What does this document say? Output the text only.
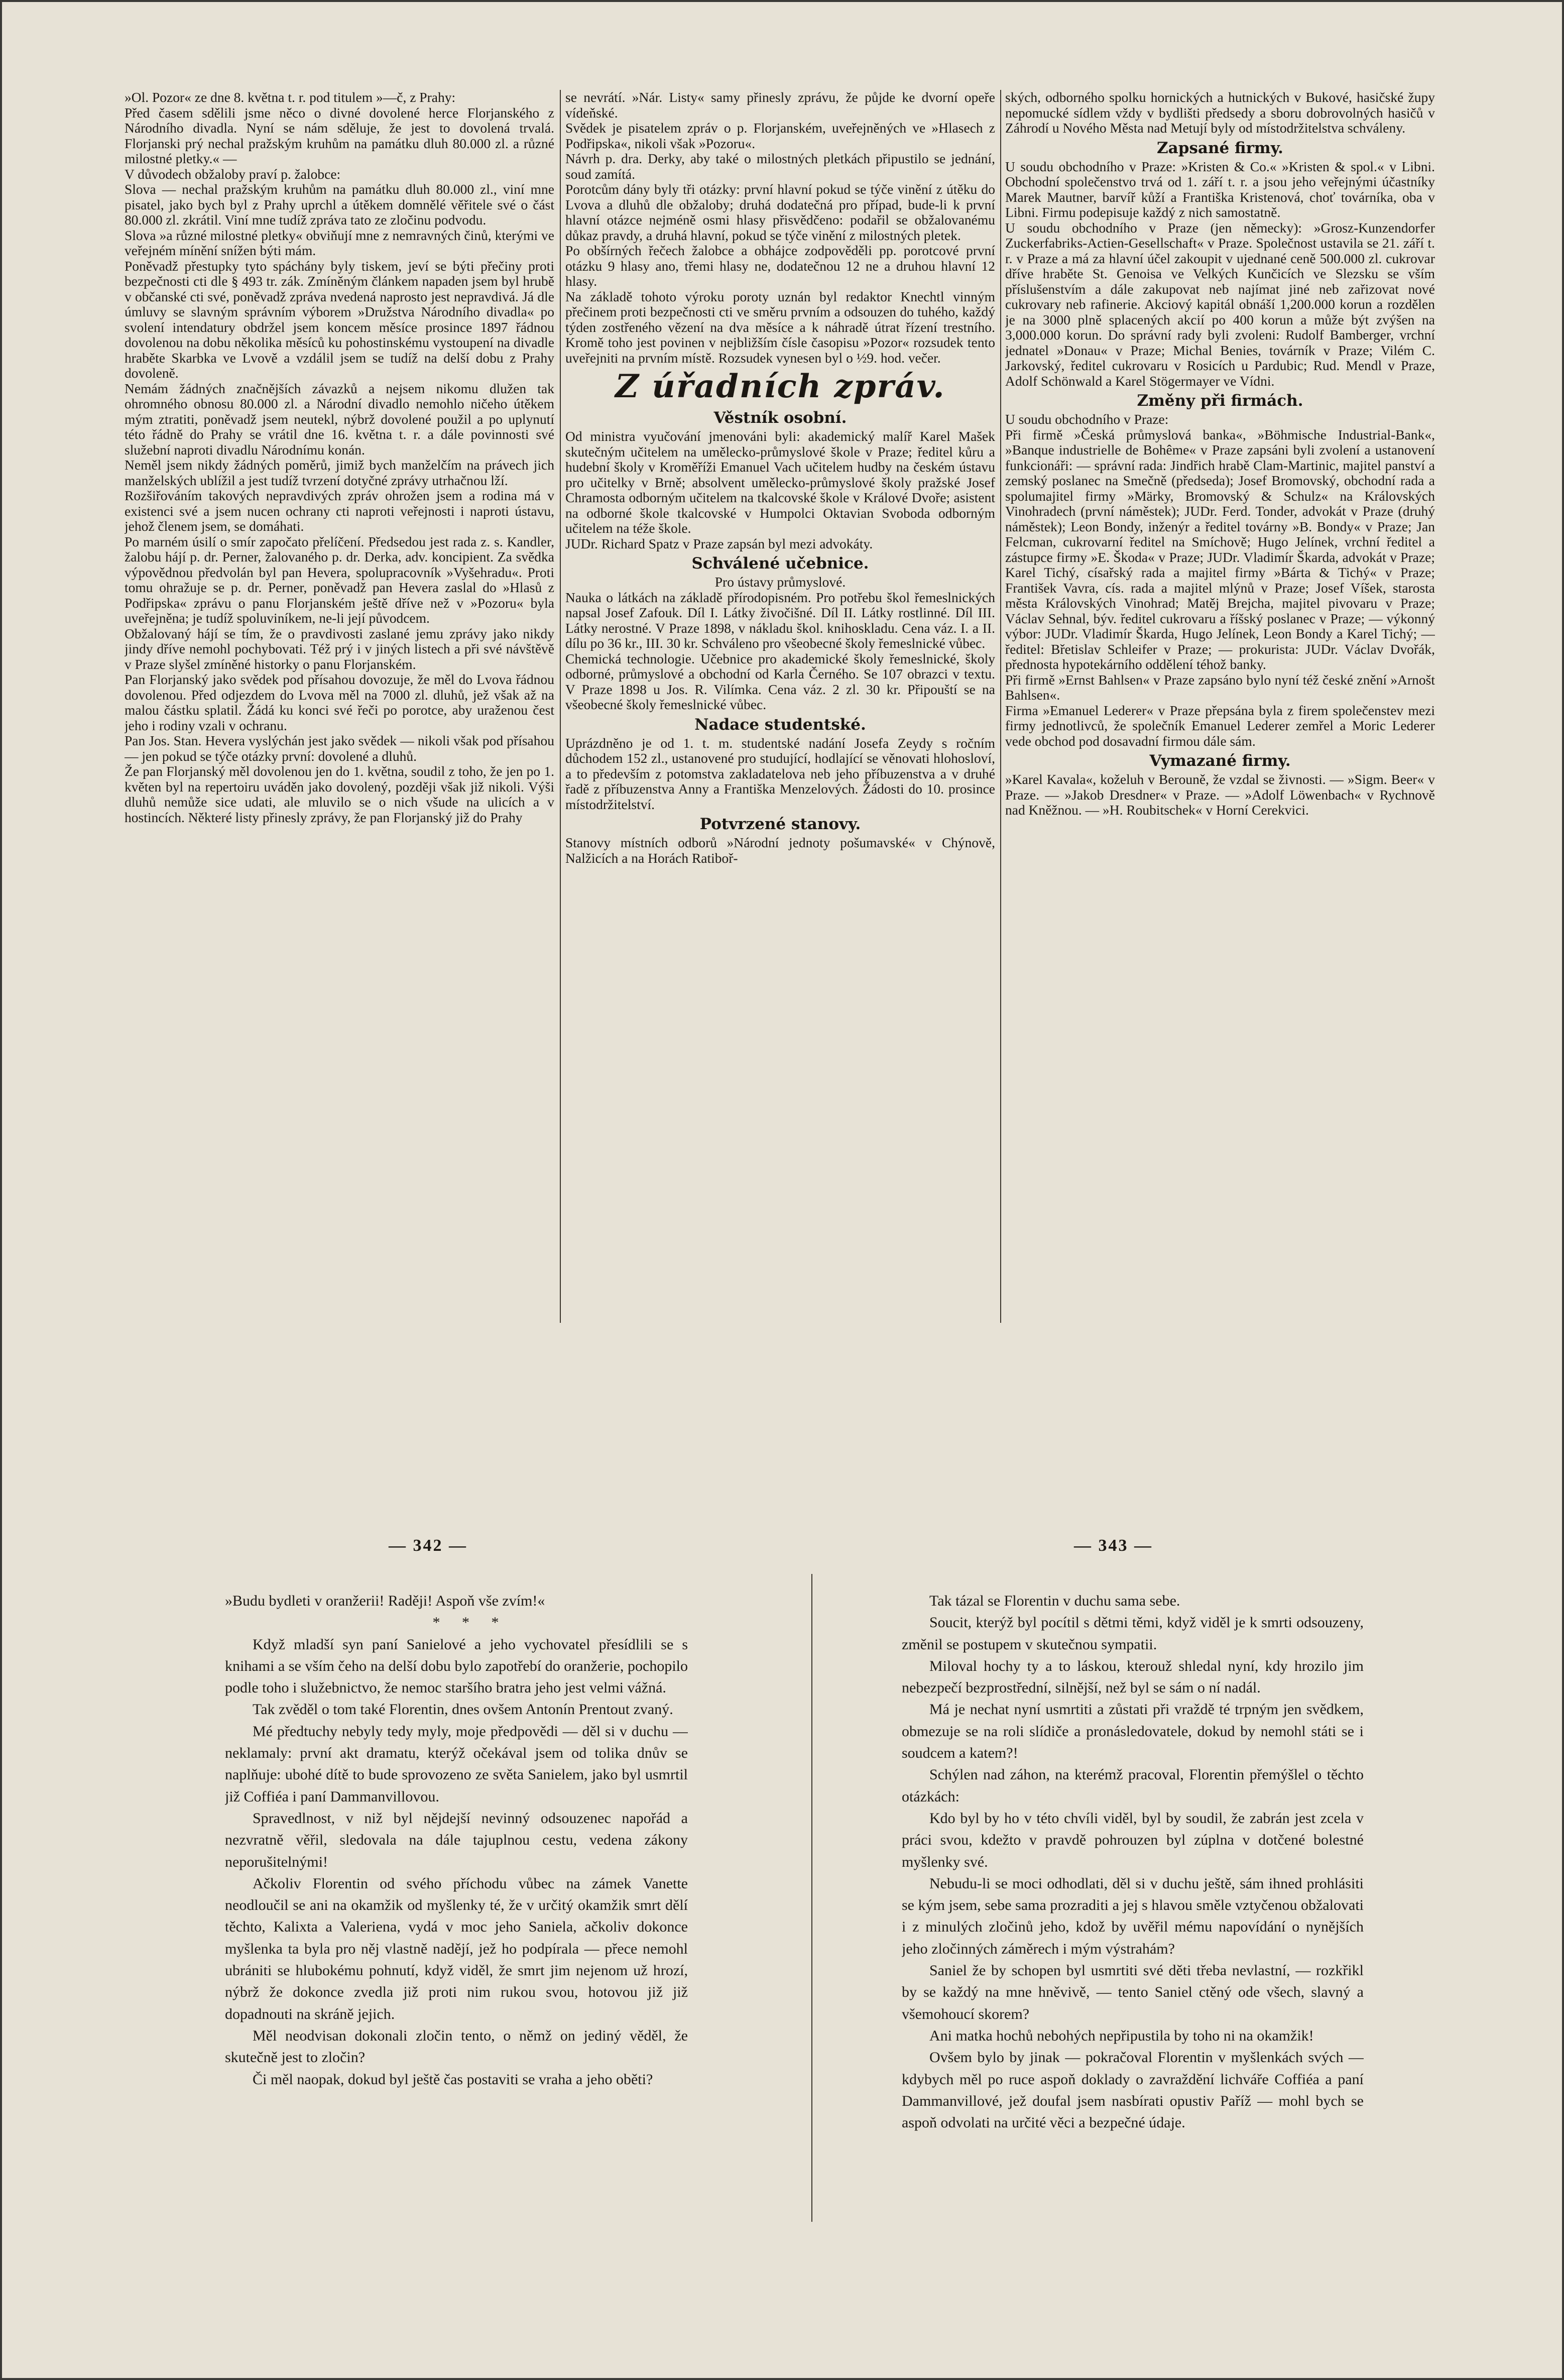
»Ol. Pozor« ze dne 8. května t. r. pod titulem »—č, z Prahy:

Před časem sdělili jsme něco o divné dovolené herce Florjanského z Národního divadla. Nyní se nám sděluje, že jest to dovolená trvalá. Florjanski prý nechal pražským kruhům na památku dluh 80.000 zl. a různé milostné pletky.« —

V důvodech obžaloby praví p. žalobce:

Slova — nechal pražským kruhům na památku dluh 80.000 zl., viní mne pisatel, jako bych byl z Prahy uprchl a útěkem domnělé věřitele své o část 80.000 zl. zkrátil. Viní mne tudíž zpráva tato ze zločinu podvodu.

Slova »a různé milostné pletky« obviňují mne z nemravných činů, kterými ve veřejném mínění snížen býti mám.

Poněvadž přestupky tyto spáchány byly tiskem, jeví se býti přečiny proti bezpečnosti cti dle § 493 tr. zák. Zmíněným článkem napaden jsem byl hrubě v občanské cti své, poněvadž zpráva nvedená naprosto jest nepravdivá. Já dle úmluvy se slavným správním výborem »Družstva Národního divadla« po svolení intendatury obdržel jsem koncem měsíce prosince 1897 řádnou dovolenou na dobu několika měsíců ku pohostinskému vystoupení na divadle hraběte Skarbka ve Lvově a vzdálil jsem se tudíž na delší dobu z Prahy dovoleně.

Nemám žádných značnějších závazků a nejsem nikomu dlužen tak ohromného obnosu 80.000 zl. a Národní divadlo nemohlo ničeho útěkem mým ztratiti, poněvadž jsem neutekl, nýbrž dovolené použil a po uplynutí této řádně do Prahy se vrátil dne 16. května t. r. a dále povinnosti své služební naproti divadlu Národnímu konán.

Neměl jsem nikdy žádných poměrů, jimiž bych manželčím na právech jich manželských ublížil a jest tudíž tvrzení dotyčné zprávy utrhačnou lží.

Rozšiřováním takových nepravdivých zpráv ohrožen jsem a rodina má v existenci své a jsem nucen ochrany cti naproti veřejnosti i naproti ústavu, jehož členem jsem, se domáhati.

Po marném úsilí o smír započato přelíčení. Předsedou jest rada z. s. Kandler, žalobu hájí p. dr. Perner, žalovaného p. dr. Derka, adv. koncipient. Za svědka výpovědnou předvolán byl pan Hevera, spolupracovník »Vyšehradu«. Proti tomu ohražuje se p. dr. Perner, poněvadž pan Hevera zaslal do »Hlasů z Podřipska« zprávu o panu Florjanském ještě dříve než v »Pozoru« byla uveřejněna; je tudíž spoluviníkem, ne-li její původcem.

Obžalovaný hájí se tím, že o pravdivosti zaslané jemu zprávy jako nikdy jindy dříve nemohl pochybovati. Též prý i v jiných listech a při své návštěvě v Praze slyšel zmíněné historky o panu Florjanském.

Pan Florjanský jako svědek pod přísahou dovozuje, že měl do Lvova řádnou dovolenou. Před odjezdem do Lvova měl na 7000 zl. dluhů, jež však až na malou částku splatil. Žádá ku konci své řeči po porotce, aby uraženou čest jeho i rodiny vzali v ochranu.

Pan Jos. Stan. Hevera vyslýchán jest jako svědek — nikoli však pod přísahou — jen pokud se týče otázky první: dovolené a dluhů.

Že pan Florjanský měl dovolenou jen do 1. května, soudil z toho, že jen po 1. květen byl na repertoiru uváděn jako dovolený, později však již nikoli. Výši dluhů nemůže sice udati, ale mluvilo se o nich všude na ulicích a v hostincích. Některé listy přinesly zprávy, že pan Florjanský již do Prahy

se nevrátí. »Nár. Listy« samy přinesly zprávu, že půjde ke dvorní opeře vídeňské.

Svědek je pisatelem zpráv o p. Florjanském, uveřejněných ve »Hlasech z Podřipska«, nikoli však »Pozoru«.

Návrh p. dra. Derky, aby také o milostných pletkách připustilo se jednání, soud zamítá.

Porotcům dány byly tři otázky: první hlavní pokud se týče vinění z útěku do Lvova a dluhů dle obžaloby; druhá dodatečná pro případ, bude-li k první hlavní otázce nejméně osmi hlasy přisvědčeno: podařil se obžalovanému důkaz pravdy, a druhá hlavní, pokud se týče vinění z milostných pletek.

Po obšírných řečech žalobce a obhájce zodpověděli pp. porotcové první otázku 9 hlasy ano, třemi hlasy ne, dodatečnou 12 ne a druhou hlavní 12 hlasy.

Na základě tohoto výroku poroty uznán byl redaktor Knechtl vinným přečinem proti bezpečnosti cti ve směru prvním a odsouzen do tuhého, každý týden zostřeného vězení na dva měsíce a k náhradě útrat řízení trestního. Kromě toho jest povinen v nejbližším čísle časopisu »Pozor« rozsudek tento uveřejniti na prvním místě. Rozsudek vynesen byl o ½9. hod. večer.

Z úřadních zpráv.

Věstník osobní.

Od ministra vyučování jmenováni byli: akademický malíř Karel Mašek skutečným učitelem na umělecko-průmyslové škole v Praze; ředitel kůru a hudební školy v Kroměříži Emanuel Vach učitelem hudby na českém ústavu pro učitelky v Brně; absolvent uměleckо-průmyslové školy pražské Josef Chramosta odborným učitelem na tkalcovské škole v Králové Dvoře; asistent na odborné škole tkalcovské v Humpolci Oktavian Svoboda odborným učitelem na téže škole.

JUDr. Richard Spatz v Praze zapsán byl mezi advokáty.

Schválené učebnice.

Pro ústavy průmyslové.

Nauka o látkách na základě přírodopisném. Pro potřebu škol řemeslnických napsal Josef Zafouk. Díl I. Látky živočišné. Díl II. Látky rostlinné. Díl III. Látky nerostné. V Praze 1898, v nákladu škol. knihoskladu. Cena váz. I. a II. dílu po 36 kr., III. 30 kr. Schváleno pro všeobecné školy řemeslnické vůbec.

Chemická technologie. Učebnice pro akademické školy řemeslnické, školy odborné, průmyslové a obchodní od Karla Černého. Se 107 obrazci v textu. V Praze 1898 u Jos. R. Vilímka. Cena váz. 2 zl. 30 kr. Připouští se na všeobecné školy řemeslnické vůbec.

Nadace studentské.

Uprázdněno je od 1. t. m. studentské nadání Josefa Zeydy s ročním důchodem 152 zl., ustanovené pro studující, hodlající se věnovati hlohosloví, a to především z potomstva zakladatelova neb jeho příbuzenstva a v druhé řadě z příbuzenstva Anny a Františka Menzelových. Žádosti do 10. prosince místodržitelství.

Potvrzené stanovy.

Stanovy místních odborů »Národní jednoty pošumavské« v Chýnově, Nalžicích a na Horách Ratiboř-

ských, odborného spolku hornických a hutnických v Bukové, hasičské župy nepomucké sídlem vždy v bydlišti předsedy a sboru dobrovolných hasičů v Záhrodí u Nového Města nad Metují byly od místodržitelstva schváleny.

Zapsané firmy.

U soudu obchodního v Praze: »Kristen & Co.« »Kristen & spol.« v Libni. Obchodní společenstvo trvá od 1. září t. r. a jsou jeho veřejnými účastníky Marek Mautner, barvíř kůží a Františka Kristenová, choť továrníka, oba v Libni. Firmu podepisuje každý z nich samostatně.

U soudu obchodního v Praze (jen německy): »Grosz-Kunzendorfer Zuckerfabriks-Actien-Gesellschaft« v Praze. Společnost ustavila se 21. září t. r. v Praze a má za hlavní účel zakoupit v ujednané ceně 500.000 zl. cukrovar dříve hraběte St. Genoisa ve Velkých Kunčicích ve Slezsku se vším příslušenstvím a dále zakupovat neb najímat jiné neb zařizovat nové cukrovary neb rafinerie. Akciový kapitál obnáší 1,200.000 korun a rozdělen je na 3000 plně splacených akcií po 400 korun a může být zvýšen na 3,000.000 korun. Do správní rady byli zvoleni: Rudolf Bamberger, vrchní jednatel »Donau« v Praze; Michal Benies, továrník v Praze; Vilém C. Jarkovský, ředitel cukrovaru v Rosicích u Pardubic; Rud. Mendl v Praze, Adolf Schönwald a Karel Stögermayer ve Vídni.

Změny při firmách.

U soudu obchodního v Praze:

Při firmě »Česká průmyslová banka«, »Böhmische Industrial-Bank«, »Banque industrielle de Bohême« v Praze zapsáni byli zvolení a ustanovení funkcionáři: — správní rada: Jindřich hrabě Clam-Martinic, majitel panství a zemský poslanec na Smečně (předseda); Josef Bromovský, obchodní rada a spolumajitel firmy »Märky, Bromovský & Schulz« na Královských Vinohradech (první náměstek); JUDr. Ferd. Tonder, advokát v Praze (druhý náměstek); Leon Bondy, inženýr a ředitel továrny »B. Bondy« v Praze; Jan Felcman, cukrovarní ředitel na Smíchově; Hugo Jelínek, vrchní ředitel a zástupce firmy »E. Škoda« v Praze; JUDr. Vladimír Škarda, advokát v Praze; Karel Tichý, císařský rada a majitel firmy »Bárta & Tichý« v Praze; František Vavra, cís. rada a majitel mlýnů v Praze; Josef Víšek, starosta města Královských Vinohrad; Matěj Brejcha, majitel pivovaru v Praze; Václav Sehnal, býv. ředitel cukrovaru a říšský poslanec v Praze; — výkonný výbor: JUDr. Vladimír Škarda, Hugo Jelínek, Leon Bondy a Karel Tichý; — ředitel: Břetislav Schleifer v Praze; — prokurista: JUDr. Václav Dvořák, přednosta hypotekárního oddělení téhož banky.

Při firmě »Ernst Bahlsen« v Praze zapsáno bylo nyní též české znění »Arnošt Bahlsen«.

Firma »Emanuel Lederer« v Praze přepsána byla z firem společenstev mezi firmy jednotlivců, že společník Emanuel Lederer zemřel a Moric Lederer vede obchod pod dosavadní firmou dále sám.

Vymazané firmy.

»Karel Kavala«, koželuh v Berouně, že vzdal se živnosti. — »Sigm. Beer« v Praze. — »Jakob Dresdner« v Praze. — »Adolf Löwenbach« v Rychnově nad Kněžnou. — »H. Roubitschek« v Horní Cerekvici.

— 342 —	— 343 —

»Budu bydleti v oranžerii! Raději! Aspoň vše zvím!«

* * *

Když mladší syn paní Sanielové a jeho vychovatel přesídlili se s knihami a se vším čeho na delší dobu bylo zapotřebí do oranžerie, pochopilo podle toho i služebnictvo, že nemoc staršího bratra jeho jest velmi vážná.

Tak zvěděl o tom také Florentin, dnes ovšem Antonín Prentout zvaný.

Mé předtuchy nebyly tedy myly, moje předpovědi — děl si v duchu — neklamaly: první akt dramatu, kterýž očekával jsem od tolika dnův se naplňuje: ubohé dítě to bude sprovozeno ze světa Sanielem, jako byl usmrtil již Coffiéa i paní Dammanvillovou.

Spravedlnost, v niž byl nějdejší nevinný odsouzenec napořád a nezvratně věřil, sledovala na dále tajuplnou cestu, vedena zákony neporušitelnými!

Ačkoliv Florentin od svého příchodu vůbec na zámek Vanette neodloučil se ani na okamžik od myšlenky té, že v určitý okamžik smrt dělí těchto, Kalixta a Valeriena, vydá v moc jeho Saniela, ačkoliv dokonce myšlenka ta byla pro něj vlastně nadějí, jež ho podpírala — přece nemohl ubrániti se hlubokému pohnutí, když viděl, že smrt jim nejenom už hrozí, nýbrž že dokonce zvedla již proti nim rukou svou, hotovou již již dopadnouti na skráně jejich.

Měl neodvisan dokonali zločin tento, o němž on jediný věděl, že skutečně jest to zločin?

Či měl naopak, dokud byl ještě čas postaviti se vraha a jeho oběti?

Tak tázal se Florentin v duchu sama sebe.

Soucit, kterýž byl pocítil s dětmi těmi, když viděl je k smrti odsouzeny, změnil se postupem v skutečnou sympatii.

Miloval hochy ty a to láskou, kterouž shledal nyní, kdy hrozilo jim nebezpečí bezprostřední, silnější, než byl se sám o ní nadál.

Má je nechat nyní usmrtiti a zůstati při vraždě té trpným jen svědkem, obmezuje se na roli slídiče a pronásledovatele, dokud by nemohl státi se i soudcem a katem?!

Schýlen nad záhon, na kterémž pracoval, Florentin přemýšlel o těchto otázkách:

Kdo byl by ho v této chvíli viděl, byl by soudil, že zabrán jest zcela v práci svou, kdežto v pravdě pohrouzen byl zúplna v dotčené bolestné myšlenky své.

Nebudu-li se moci odhodlati, děl si v duchu ještě, sám ihned prohlásiti se kým jsem, sebe sama prozraditi a jej s hlavou směle vztyčenou obžalovati i z minulých zločinů jeho, kdož by uvěřil mému napovídání o nynějších jeho zločinných záměrech i mým výstrahám?

Saniel že by schopen byl usmrtiti své děti třeba nevlastní, — rozkřikl by se každý na mne hněvivě, — tento Saniel ctěný ode všech, slavný a všemohoucí skorem?

Ani matka hochů nebohých nepřipustila by toho ni na okamžik!

Ovšem bylo by jinak — pokračoval Florentin v myšlenkách svých — kdybych měl po ruce aspoň doklady o zavraždění lichváře Coffiéa a paní Dammanvillové, jež doufal jsem nasbírati opustiv Paříž — mohl bych se aspoň odvolati na určité věci a bezpečné údaje.
